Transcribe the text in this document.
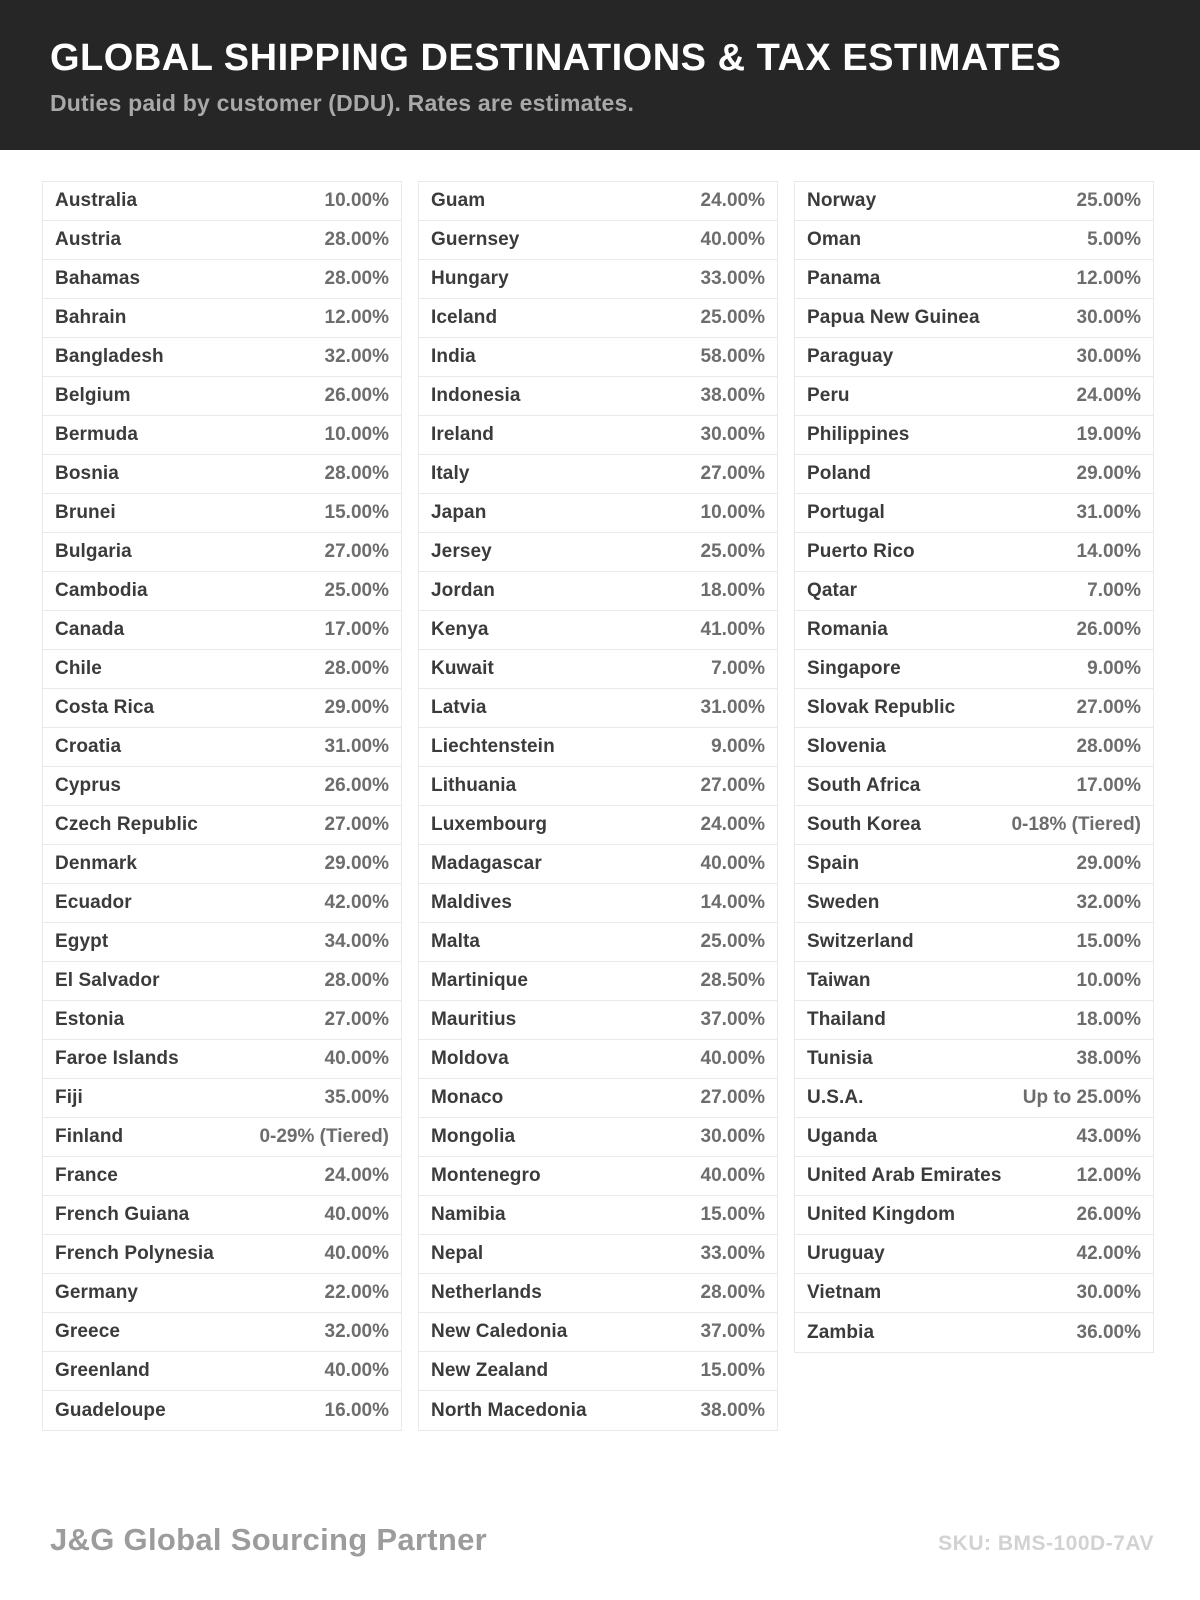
GLOBAL SHIPPING DESTINATIONS & TAX ESTIMATES
Duties paid by customer (DDU). Rates are estimates.
Australia	10.00%
Austria	28.00%
Bahamas	28.00%
Bahrain	12.00%
Bangladesh	32.00%
Belgium	26.00%
Bermuda	10.00%
Bosnia	28.00%
Brunei	15.00%
Bulgaria	27.00%
Cambodia	25.00%
Canada	17.00%
Chile	28.00%
Costa Rica	29.00%
Croatia	31.00%
Cyprus	26.00%
Czech Republic	27.00%
Denmark	29.00%
Ecuador	42.00%
Egypt	34.00%
El Salvador	28.00%
Estonia	27.00%
Faroe Islands	40.00%
Fiji	35.00%
Finland	0-29% (Tiered)
France	24.00%
French Guiana	40.00%
French Polynesia	40.00%
Germany	22.00%
Greece	32.00%
Greenland	40.00%
Guadeloupe	16.00%
Guam	24.00%
Guernsey	40.00%
Hungary	33.00%
Iceland	25.00%
India	58.00%
Indonesia	38.00%
Ireland	30.00%
Italy	27.00%
Japan	10.00%
Jersey	25.00%
Jordan	18.00%
Kenya	41.00%
Kuwait	7.00%
Latvia	31.00%
Liechtenstein	9.00%
Lithuania	27.00%
Luxembourg	24.00%
Madagascar	40.00%
Maldives	14.00%
Malta	25.00%
Martinique	28.50%
Mauritius	37.00%
Moldova	40.00%
Monaco	27.00%
Mongolia	30.00%
Montenegro	40.00%
Namibia	15.00%
Nepal	33.00%
Netherlands	28.00%
New Caledonia	37.00%
New Zealand	15.00%
North Macedonia	38.00%
Norway	25.00%
Oman	5.00%
Panama	12.00%
Papua New Guinea	30.00%
Paraguay	30.00%
Peru	24.00%
Philippines	19.00%
Poland	29.00%
Portugal	31.00%
Puerto Rico	14.00%
Qatar	7.00%
Romania	26.00%
Singapore	9.00%
Slovak Republic	27.00%
Slovenia	28.00%
South Africa	17.00%
South Korea	0-18% (Tiered)
Spain	29.00%
Sweden	32.00%
Switzerland	15.00%
Taiwan	10.00%
Thailand	18.00%
Tunisia	38.00%
U.S.A.	Up to 25.00%
Uganda	43.00%
United Arab Emirates	12.00%
United Kingdom	26.00%
Uruguay	42.00%
Vietnam	30.00%
Zambia	36.00%
J&G Global Sourcing Partner	SKU: BMS-100D-7AV
